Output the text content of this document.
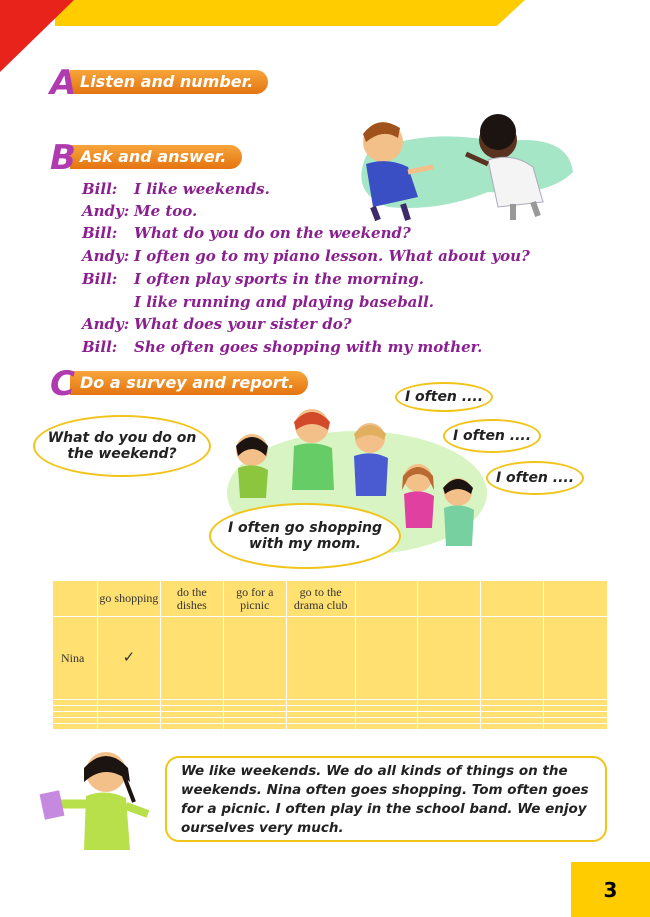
Listen and number.
A
Ask and answer.
B
Bill: I like weekends.
Andy: Me too.
Bill: What do you do on the weekend?
Andy: I often go to my piano lesson. What about you?
Bill: I often play sports in the morning.
I like running and playing baseball.
Andy: What does your sister do?
Bill: She often goes shopping with my mother.
Do a survey and report.
C
What do you do on the weekend?
I often go shopping with my mom.
I often ....
I often ....
I often ....
	go shopping	do the dishes	go for a picnic	go to the drama club				
Nina	✓							

We like weekends. We do all kinds of things on the weekends. Nina often goes shopping. Tom often goes for a picnic. I often play in the school band. We enjoy ourselves very much.
3
